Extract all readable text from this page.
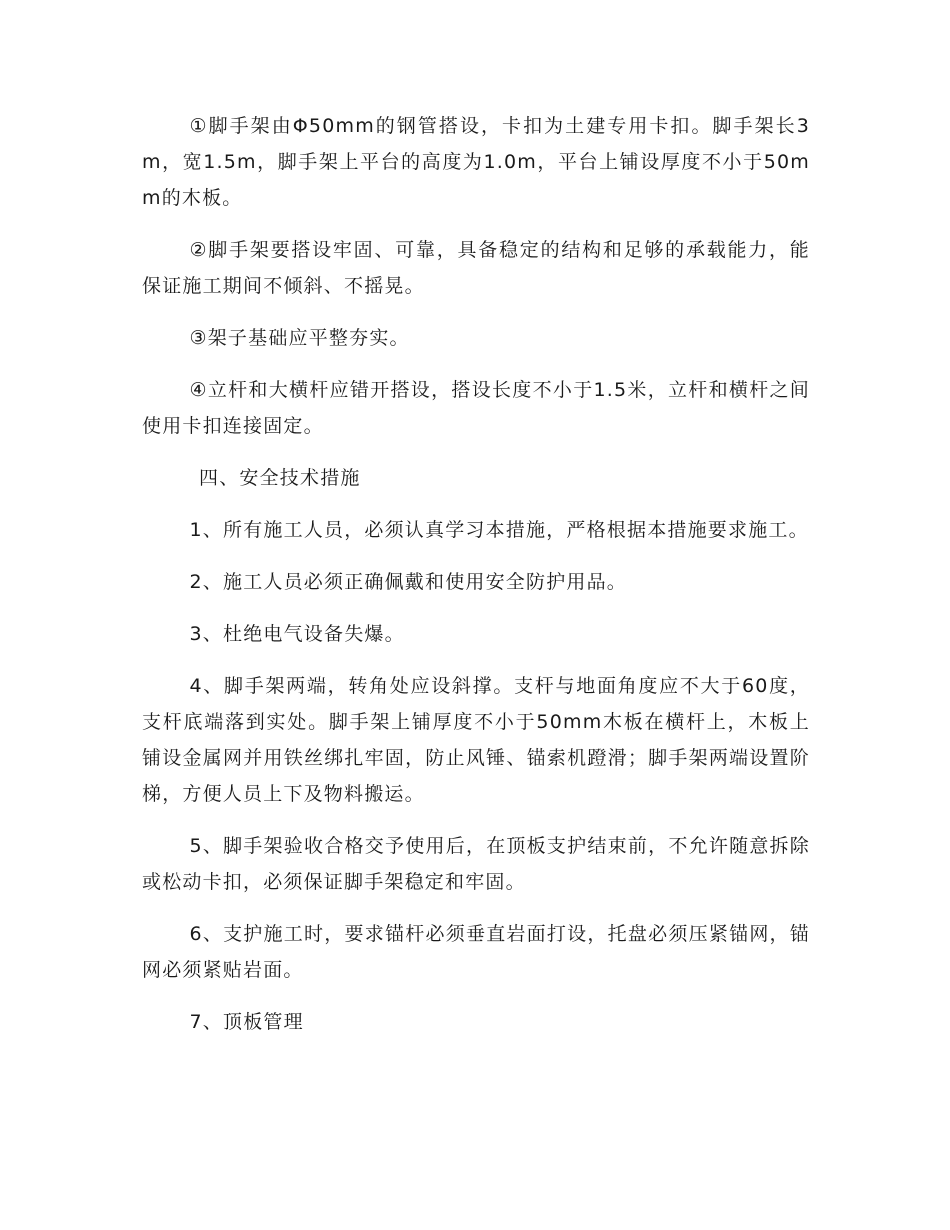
①脚手架由Φ50mm的钢管搭设，卡扣为土建专用卡扣。脚手架长3m，宽1.5m，脚手架上平台的高度为1.0m，平台上铺设厚度不小于50mm的木板。

②脚手架要搭设牢固、可靠，具备稳定的结构和足够的承载能力，能保证施工期间不倾斜、不摇晃。

③架子基础应平整夯实。

④立杆和大横杆应错开搭设，搭设长度不小于1.5米，立杆和横杆之间使用卡扣连接固定。

四、安全技术措施

1、所有施工人员，必须认真学习本措施，严格根据本措施要求施工。

2、施工人员必须正确佩戴和使用安全防护用品。

3、杜绝电气设备失爆。

4、脚手架两端，转角处应设斜撑。支杆与地面角度应不大于60度，支杆底端落到实处。脚手架上铺厚度不小于50mm木板在横杆上，木板上铺设金属网并用铁丝绑扎牢固，防止风锤、锚索机蹬滑；脚手架两端设置阶梯，方便人员上下及物料搬运。

5、脚手架验收合格交予使用后，在顶板支护结束前，不允许随意拆除或松动卡扣，必须保证脚手架稳定和牢固。

6、支护施工时，要求锚杆必须垂直岩面打设，托盘必须压紧锚网，锚网必须紧贴岩面。

7、顶板管理
